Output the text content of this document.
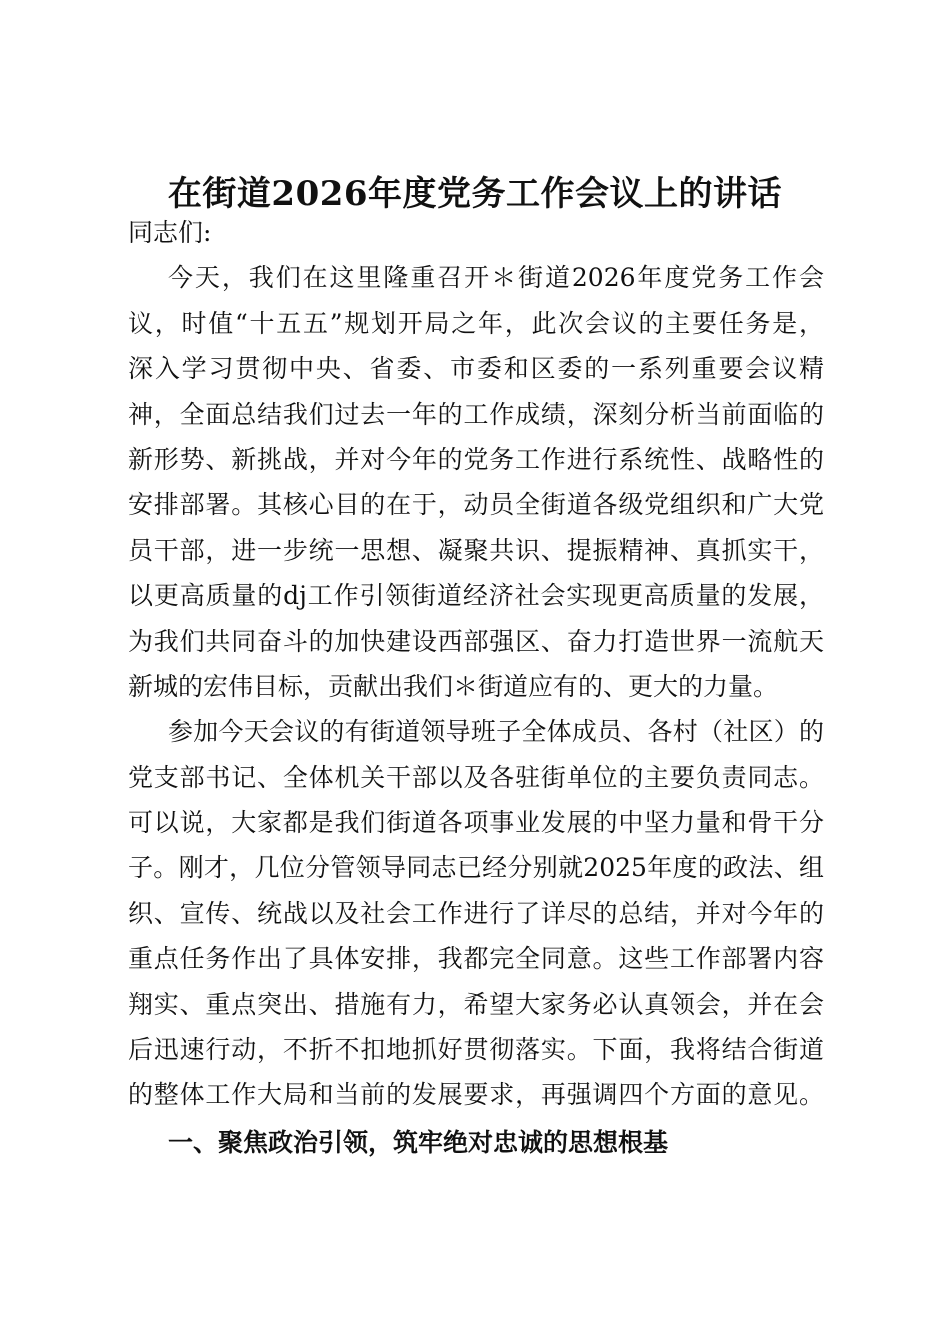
在街道2026年度党务工作会议上的讲话
同志们:
今天，我们在这里隆重召开＊街道2026年度党务工作会
议，时值“十五五”规划开局之年，此次会议的主要任务是，
深入学习贯彻中央、省委、市委和区委的一系列重要会议精
神，全面总结我们过去一年的工作成绩，深刻分析当前面临的
新形势、新挑战，并对今年的党务工作进行系统性、战略性的
安排部署。其核心目的在于，动员全街道各级党组织和广大党
员干部，进一步统一思想、凝聚共识、提振精神、真抓实干，
以更高质量的dj工作引领街道经济社会实现更高质量的发展，
为我们共同奋斗的加快建设西部强区、奋力打造世界一流航天
新城的宏伟目标，贡献出我们＊街道应有的、更大的力量。
参加今天会议的有街道领导班子全体成员、各村（社区）的
党支部书记、全体机关干部以及各驻街单位的主要负责同志。
可以说，大家都是我们街道各项事业发展的中坚力量和骨干分
子。刚才，几位分管领导同志已经分别就2025年度的政法、组
织、宣传、统战以及社会工作进行了详尽的总结，并对今年的
重点任务作出了具体安排，我都完全同意。这些工作部署内容
翔实、重点突出、措施有力，希望大家务必认真领会，并在会
后迅速行动，不折不扣地抓好贯彻落实。下面，我将结合街道
的整体工作大局和当前的发展要求，再强调四个方面的意见。
一、聚焦政治引领，筑牢绝对忠诚的思想根基
